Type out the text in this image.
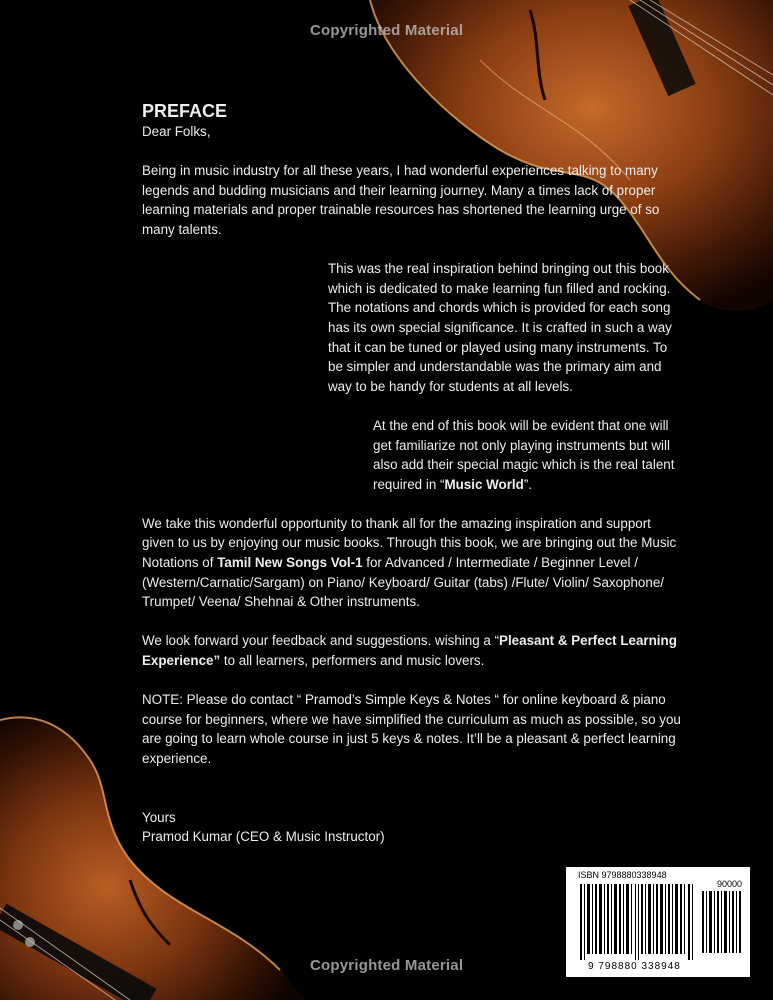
Copyrighted Material
Copyrighted Material
PREFACE

Dear Folks,

Being in music industry for all these years, I had wonderful experiences talking to many legends and budding musicians and their learning journey. Many a times lack of proper learning materials and proper trainable resources has shortened the learning urge of so many talents.

This was the real inspiration behind bringing out this book which is dedicated to make learning fun filled and rocking. The notations and chords which is provided for each song has its own special significance. It is crafted in such a way that it can be tuned or played using many instruments. To be simpler and understandable was the primary aim and way to be handy for students at all levels.

At the end of this book will be evident that one will get familiarize not only playing instruments but will also add their special magic which is the real talent required in “Music World”.

We take this wonderful opportunity to thank all for the amazing inspiration and support given to us by enjoying our music books. Through this book, we are bringing out the Music Notations of Tamil New Songs Vol-1 for Advanced / Intermediate / Beginner Level / (Western/Carnatic/Sargam) on Piano/ Keyboard/ Guitar (tabs) /Flute/ Violin/ Saxophone/ Trumpet/ Veena/ Shehnai & Other instruments.

We look forward your feedback and suggestions. wishing a “Pleasant & Perfect Learning Experience” to all learners, performers and music lovers.

NOTE: Please do contact “ Pramod’s Simple Keys & Notes “ for online keyboard & piano course for beginners, where we have simplified the curriculum as much as possible, so you are going to learn whole course in just 5 keys & notes. It’ll be a pleasant & perfect learning experience.

Yours

Pramod Kumar (CEO & Music Instructor)

ISBN 9798880338948
90000
9 798880 338948
